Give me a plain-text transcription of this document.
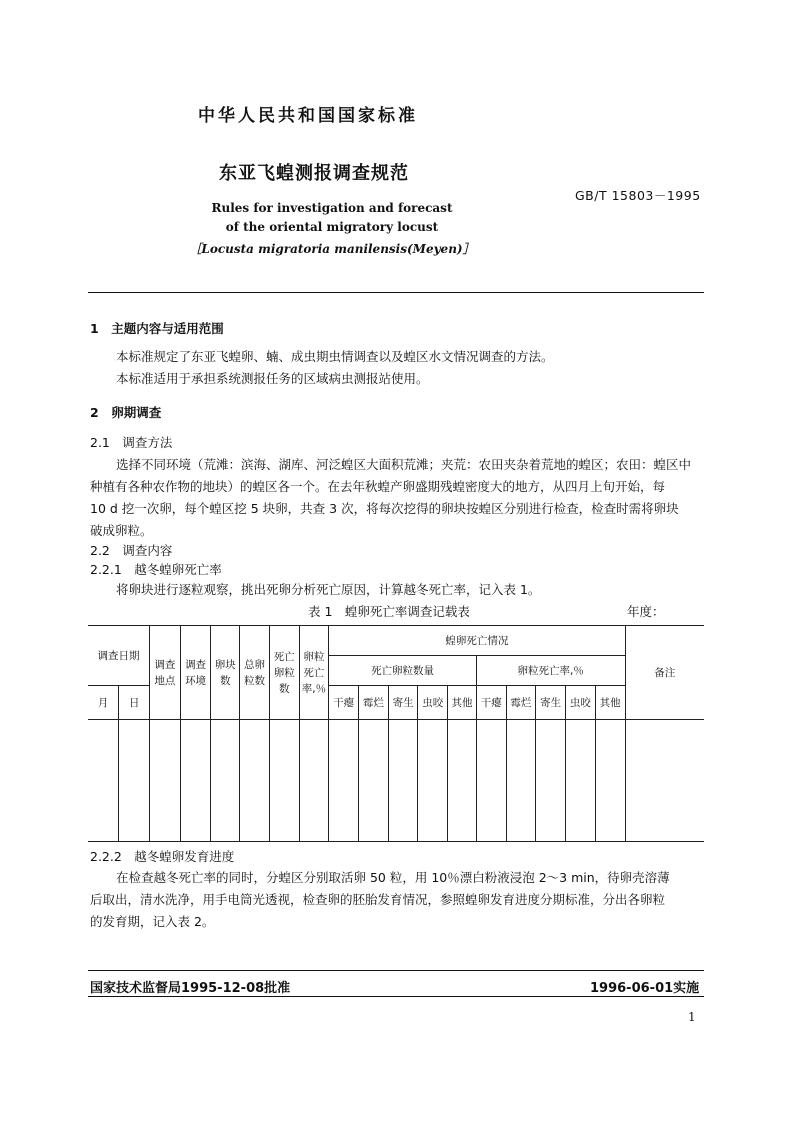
中华人民共和国国家标准
东亚飞蝗测报调查规范
GB/T 15803－1995
Rules for investigation and forecast
of the oriental migratory locust
［Locusta migratoria manilensis(Meyen)］
1　主题内容与适用范围
本标准规定了东亚飞蝗卵、蝻、成虫期虫情调查以及蝗区水文情况调查的方法。
本标准适用于承担系统测报任务的区域病虫测报站使用。
2　卵期调查
2.1　调查方法
选择不同环境（荒滩：滨海、湖库、河泛蝗区大面积荒滩；夹荒：农田夹杂着荒地的蝗区；农田：蝗区中
种植有各种农作物的地块）的蝗区各一个。在去年秋蝗产卵盛期残蝗密度大的地方，从四月上旬开始，每
10 d 挖一次卵，每个蝗区挖 5 块卵，共查 3 次，将每次挖得的卵块按蝗区分别进行检查，检查时需将卵块
破成卵粒。
2.2　调查内容
2.2.1　越冬蝗卵死亡率
将卵块进行逐粒观察，挑出死卵分析死亡原因，计算越冬死亡率，记入表 1。
表 1　蝗卵死亡率调查记载表	年度：
调查日期		调查地点	调查环境	卵块数	总卵粒数	死亡卵粒数	卵粒死亡率,％	蝗卵死亡情况										备注
								死亡卵粒数量					卵粒死亡率,％					
月	日							干瘪	霉烂	寄生	虫咬	其他	干瘪	霉烂	寄生	虫咬	其他	

2.2.2　越冬蝗卵发育进度
在检查越冬死亡率的同时，分蝗区分别取活卵 50 粒，用 10％漂白粉液浸泡 2～3 min，待卵壳溶薄
后取出，清水洗净，用手电筒光透视，检查卵的胚胎发育情况，参照蝗卵发育进度分期标准，分出各卵粒
的发育期，记入表 2。
国家技术监督局1995-12-08批准	1996-06-01实施
1
